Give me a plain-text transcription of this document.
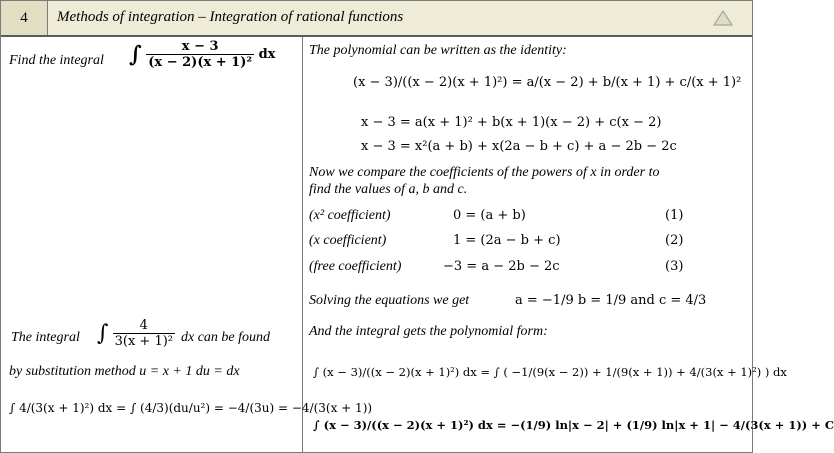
4	Methods of integration – Integration of rational functions
Find the integral ∫ $\frac{x - 3}{\text{(x − 2)(x + 1)²}}$ dx
The integral ∫ $\frac{4}{\text{3(x + 1)²}}$ dx can be found
by substitution method u = x + 1 du = dx
∫ 4/(3(x + 1)²) dx = ∫ (4/3)(du/u²) = −4/(3u) = −4/(3(x + 1))
The polynomial can be written as the identity:
(x − 3)/((x − 2)(x + 1)²) = a/(x − 2) + b/(x + 1) + c/(x + 1)²
x − 3 = a(x + 1)² + b(x + 1)(x − 2) + c(x − 2)
x − 3 = x²(a + b) + x(2a − b + c) + a − 2b − 2c
Now we compare the coefficients of the powers of x in order to
find the values of a, b and c.
(x² coefficient)	0 = (a + b)	(1)
(x coefficient)	1 = (2a − b + c)	(2)
(free coefficient)	−3 = a − 2b − 2c	(3)
Solving the equations we get	a = −1/9 b = 1/9 and c = 4/3
And the integral gets the polynomial form:
∫ (x − 3)/((x − 2)(x + 1)²) dx = ∫ ( −1/(9(x − 2)) + 1/(9(x + 1)) + 4/(3(x + 1)²) ) dx
∫ (x − 3)/((x − 2)(x + 1)²) dx = −(1/9) ln|x − 2| + (1/9) ln|x + 1| − 4/(3(x + 1)) + C
